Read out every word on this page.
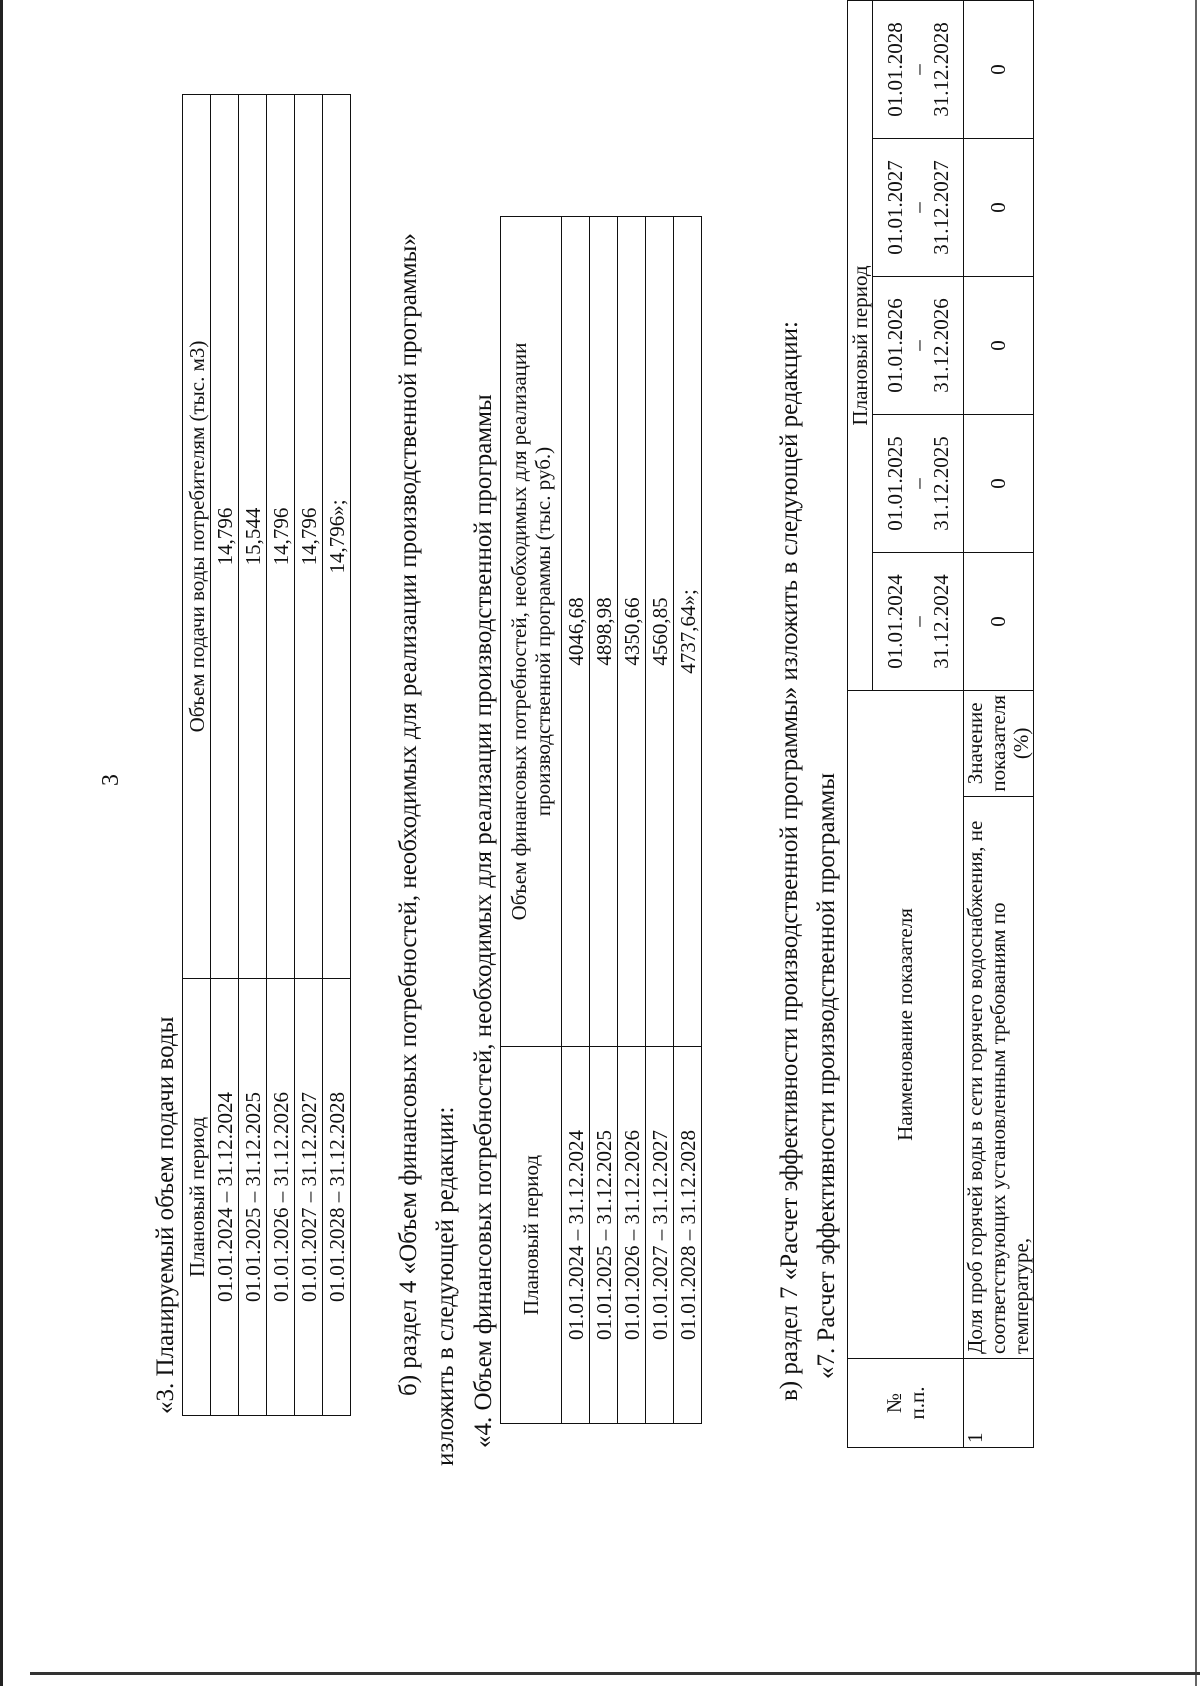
3
«3. Планируемый объем подачи воды Плановый период	Объем подачи воды потребителям (тыс. м3)
01.01.2024 – 31.12.2024	14,796
01.01.2025 – 31.12.2025	15,544
01.01.2026 – 31.12.2026	14,796
01.01.2027 – 31.12.2027	14,796
01.01.2028 – 31.12.2028	14,796»; б) раздел 4 «Объем финансовых потребностей, необходимых для реализации производственной программы» изложить в следующей редакции: «4. Объем финансовых потребностей, необходимых для реализации производственной программы Плановый период	Объем финансовых потребностей, необходимых для реализации производственной программы (тыс. руб.)

01.01.2024 – 31.12.2024	4046,68
01.01.2025 – 31.12.2025	4898,98
01.01.2026 – 31.12.2026	4350,66
01.01.2027 – 31.12.2027	4560,85
01.01.2028 – 31.12.2028	4737,64»;	в) раздел 7 «Расчет эффективности производственной программы» изложить в следующей редакции: «7. Расчет эффективности производственной программы
№ п.п.	Наименование показателя		Плановый период				

			01.01.2024 – 31.12.2024	01.01.2025 – 31.12.2025	01.01.2026 – 31.12.2026	01.01.2027 – 31.12.2027	01.01.2028 – 31.12.2028

1	Доля проб горячей воды в сети горячего водоснабжения, не соответствующих установленным требованиям по температуре,	Значение показателя (%)	0	0	0	0	0
